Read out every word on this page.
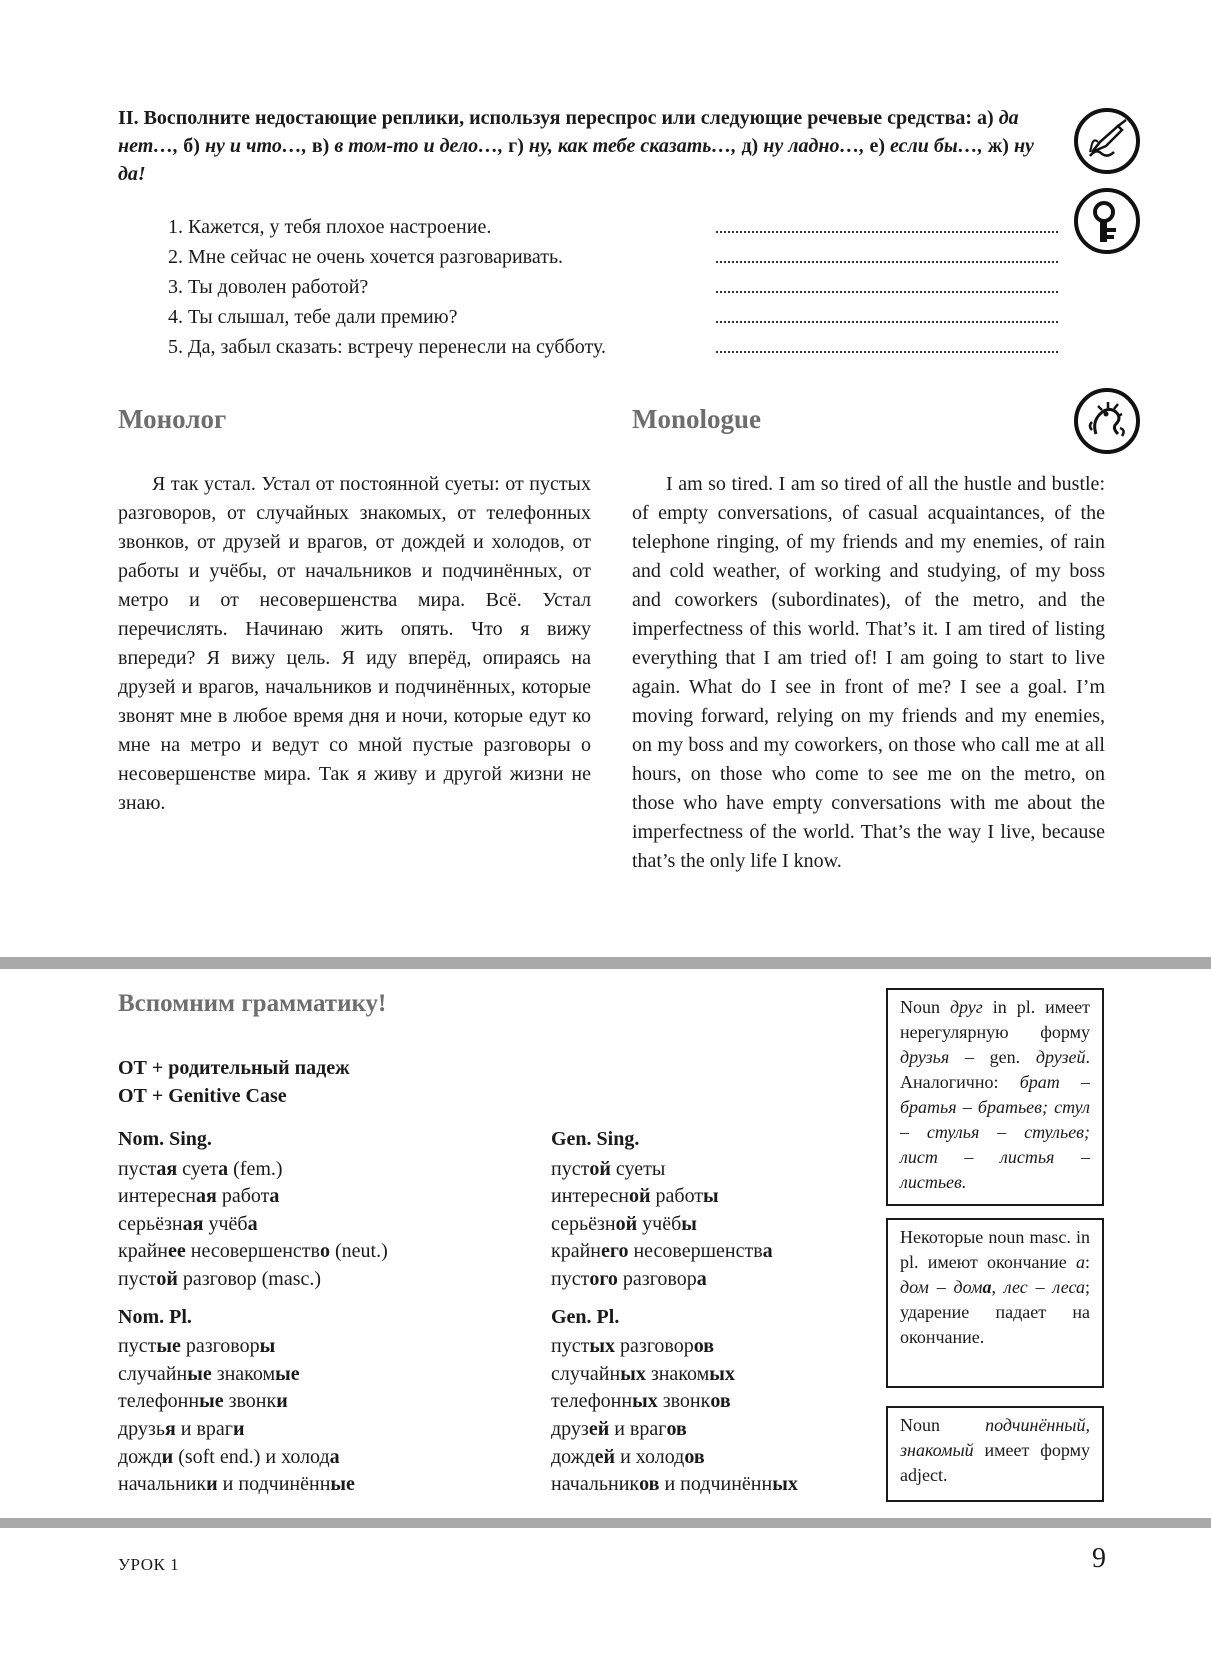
II. Восполните недостающие реплики, используя переспрос или следующие речевые средства: а) да нет…, б) ну и что…, в) в том-то и дело…, г) ну, как тебе сказать…, д) ну ладно…, е) если бы…, ж) ну да!
1. Кажется, у тебя плохое настроение.
2. Мне сейчас не очень хочется разговаривать.
3. Ты доволен работой?
4. Ты слышал, тебе дали премию?
5. Да, забыл сказать: встречу перенесли на субботу.
Монолог	Monologue

Я так устал. Устал от постоянной суеты: от пустых разговоров, от случайных знакомых, от телефонных звонков, от друзей и врагов, от дождей и холодов, от работы и учёбы, от начальников и подчинённых, от метро и от несовершенства мира. Всё. Устал перечислять. Начинаю жить опять. Что я вижу впереди? Я вижу цель. Я иду вперёд, опираясь на друзей и врагов, начальников и подчинённых, которые звонят мне в любое время дня и ночи, которые едут ко мне на метро и ведут со мной пустые разговоры о несовершенстве мира. Так я живу и другой жизни не знаю.

I am so tired. I am so tired of all the hustle and bustle: of empty conversations, of casual acquaintances, of the telephone ringing, of my friends and my enemies, of rain and cold weather, of working and studying, of my boss and coworkers (subordinates), of the metro, and the imperfectness of this world. That’s it. I am tired of listing everything that I am tried of! I am going to start to live again. What do I see in front of me? I see a goal. I’m moving forward, relying on my friends and my enemies, on my boss and my coworkers, on those who call me at all hours, on those who come to see me on the metro, on those who have empty conversations with me about the imperfectness of the world. That’s the way I live, because that’s the only life I know.

Вспомним грамматику!
ОТ + родительный падеж
ОТ + Genitive Case
Nom. Sing.
пустая суета (fem.)
интересная работа
серьёзная учёба
крайнее несовершенство (neut.)
пустой разговор (masc.)
Nom. Pl.
пустые разговоры
случайные знакомые
телефонные звонки
друзья и враги
дожди (soft end.) и холода
начальники и подчинённые
Gen. Sing.
пустой суеты
интересной работы
серьёзной учёбы
крайнего несовершенства
пустого разговора
Gen. Pl.
пустых разговоров
случайных знакомых
телефонных звонков
друзей и врагов
дождей и холодов
начальников и подчинённых
Noun друг in pl. имеет нерегулярную форму друзья – gen. друзей. Аналогично: брат – братья – братьев; стул – стулья – стульев; лист – листья – листьев.
Некоторые noun masc. in pl. имеют окончание а: дом – дома, лес – леса; ударение падает на окончание.
Noun подчинённый, знакомый имеет форму adject.
УРОК 1	9
